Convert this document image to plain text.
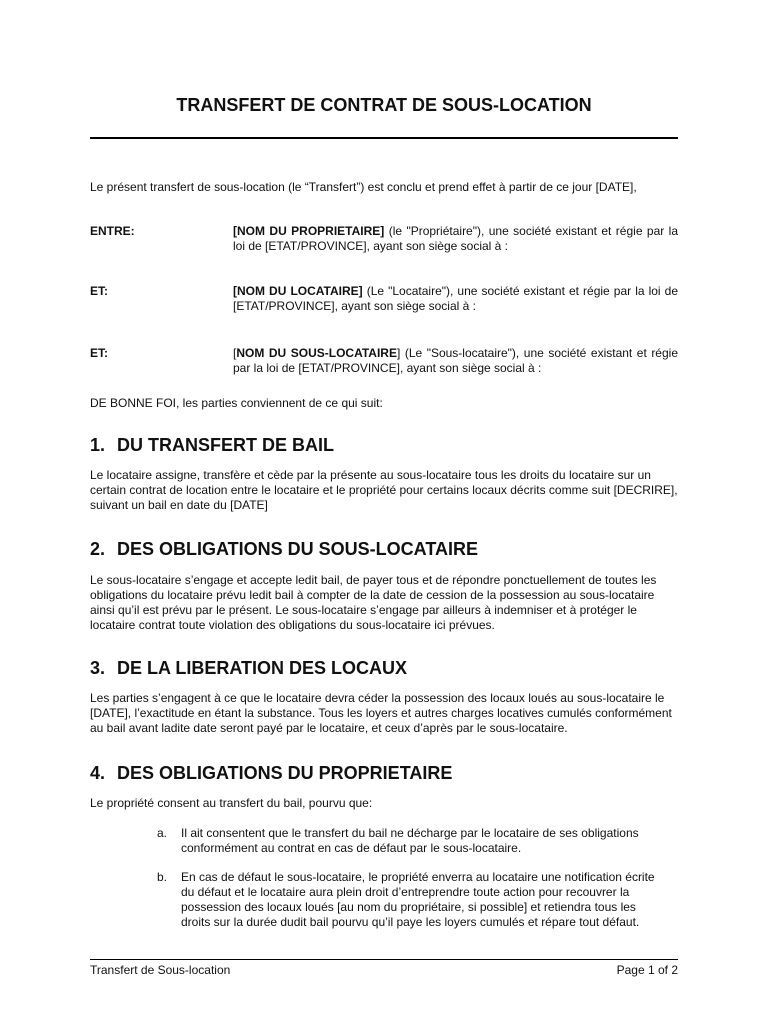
TRANSFERT DE CONTRAT DE SOUS-LOCATION

Le présent transfert de sous-location (le “Transfert”) est conclu et prend effet à partir de ce jour [DATE],

ENTRE:	[NOM DU PROPRIETAIRE] (le "Propriétaire"), une société existant et régie par la loi de [ETAT/PROVINCE], ayant son siège social à :

ET:	[NOM DU LOCATAIRE] (Le "Locataire"), une société existant et régie par la loi de [ETAT/PROVINCE], ayant son siège social à :

ET:	[NOM DU SOUS-LOCATAIRE] (Le "Sous-locataire"), une société existant et régie par la loi de [ETAT/PROVINCE], ayant son siège social à :

DE BONNE FOI, les parties conviennent de ce qui suit:

1. DU TRANSFERT DE BAIL

Le locataire assigne, transfère et cède par la présente au sous-locataire tous les droits du locataire sur un certain contrat de location entre le locataire et le propriété pour certains locaux décrits comme suit [DECRIRE], suivant un bail en date du [DATE]

2. DES OBLIGATIONS DU SOUS-LOCATAIRE

Le sous-locataire s’engage et accepte ledit bail, de payer tous et de répondre ponctuellement de toutes les obligations du locataire prévu ledit bail à compter de la date de cession de la possession au sous-locataire ainsi qu’il est prévu par le présent. Le sous-locataire s’engage par ailleurs à indemniser et à protéger le locataire contrat toute violation des obligations du sous-locataire ici prévues.

3. DE LA LIBERATION DES LOCAUX

Les parties s’engagent à ce que le locataire devra céder la possession des locaux loués au sous-locataire le [DATE], l’exactitude en étant la substance. Tous les loyers et autres charges locatives cumulés conformément au bail avant ladite date seront payé par le locataire, et ceux d’après par le sous-locataire.

4. DES OBLIGATIONS DU PROPRIETAIRE

Le propriété consent au transfert du bail, pourvu que:

a. Il ait consentent que le transfert du bail ne décharge par le locataire de ses obligations conformément au contrat en cas de défaut par le sous-locataire.

b. En cas de défaut le sous-locataire, le propriété enverra au locataire une notification écrite du défaut et le locataire aura plein droit d’entreprendre toute action pour recouvrer la possession des locaux loués [au nom du propriétaire, si possible] et retiendra tous les droits sur la durée dudit bail pourvu qu’il paye les loyers cumulés et répare tout défaut.

Transfert de Sous-location	Page 1 of 2
